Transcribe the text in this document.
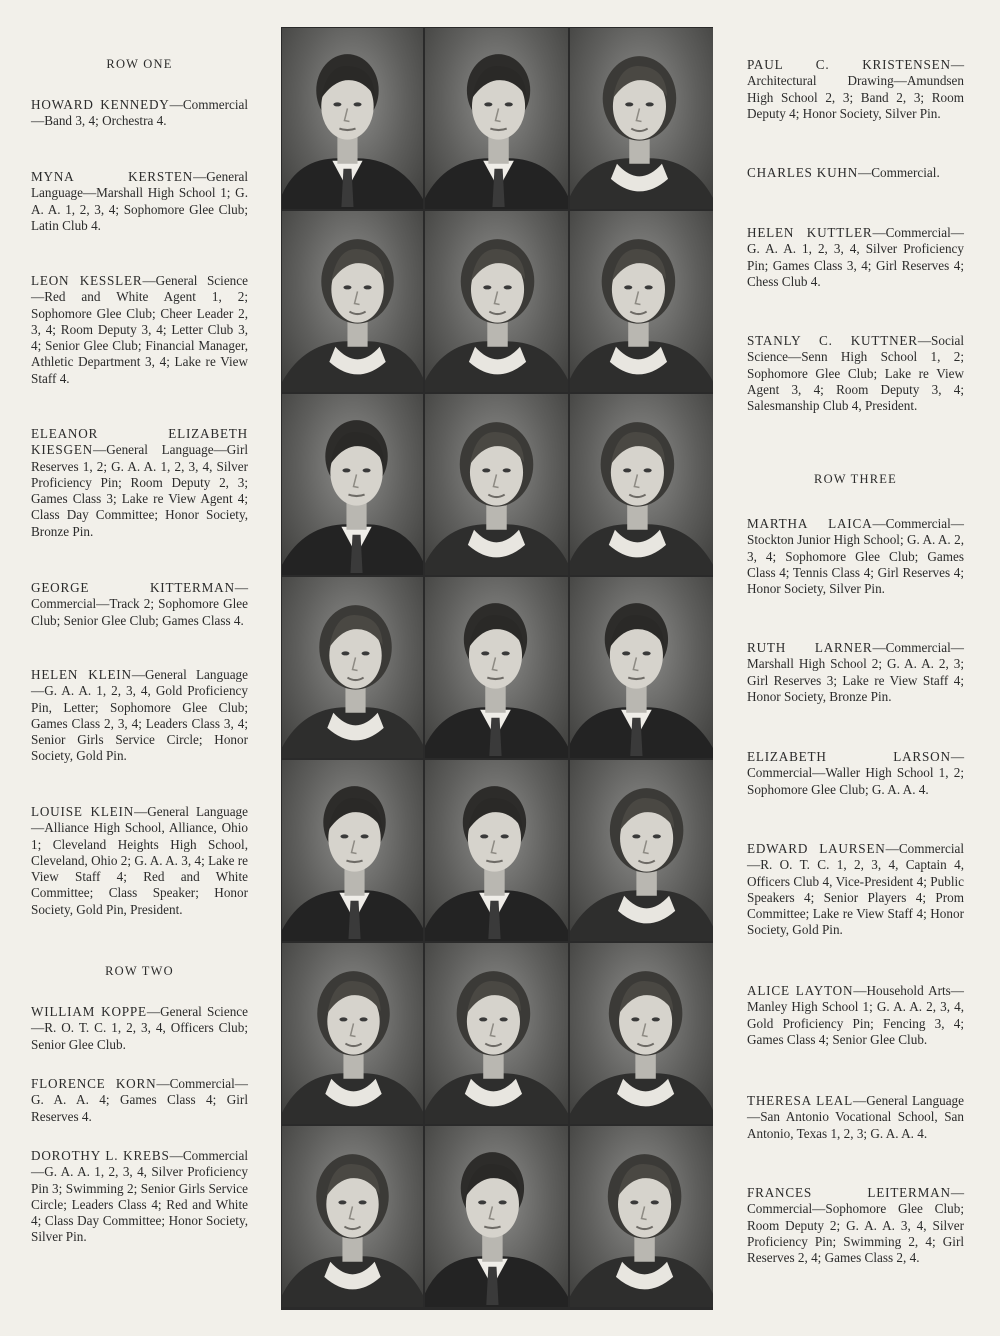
ROW ONE
HOWARD KENNEDY—Commercial—Band 3, 4; Orchestra 4.
MYNA KERSTEN—General Language—Marshall High School 1; G. A. A. 1, 2, 3, 4; Sophomore Glee Club; Latin Club 4.
LEON KESSLER—General Science—Red and White Agent 1, 2; Sophomore Glee Club; Cheer Leader 2, 3, 4; Room Deputy 3, 4; Letter Club 3, 4; Senior Glee Club; Financial Manager, Athletic Department 3, 4; Lake re View Staff 4.
ELEANOR ELIZABETH KIESGEN—General Language—Girl Reserves 1, 2; G. A. A. 1, 2, 3, 4, Silver Proficiency Pin; Room Deputy 2, 3; Games Class 3; Lake re View Agent 4; Class Day Committee; Honor Society, Bronze Pin.
GEORGE KITTERMAN—Commercial—Track 2; Sophomore Glee Club; Senior Glee Club; Games Class 4.
HELEN KLEIN—General Language—G. A. A. 1, 2, 3, 4, Gold Proficiency Pin, Letter; Sophomore Glee Club; Games Class 2, 3, 4; Leaders Class 3, 4; Senior Girls Service Circle; Honor Society, Gold Pin.
LOUISE KLEIN—General Language—Alliance High School, Alliance, Ohio 1; Cleveland Heights High School, Cleveland, Ohio 2; G. A. A. 3, 4; Lake re View Staff 4; Red and White Committee; Class Speaker; Honor Society, Gold Pin, President.
ROW TWO
WILLIAM KOPPE—General Science—R. O. T. C. 1, 2, 3, 4, Officers Club; Senior Glee Club.
FLORENCE KORN—Commercial—G. A. A. 4; Games Class 4; Girl Reserves 4.
DOROTHY L. KREBS—Commercial—G. A. A. 1, 2, 3, 4, Silver Proficiency Pin 3; Swimming 2; Senior Girls Service Circle; Leaders Class 4; Red and White 4; Class Day Committee; Honor Society, Silver Pin.
PAUL C. KRISTENSEN—Architectural Drawing—Amundsen High School 2, 3; Band 2, 3; Room Deputy 4; Honor Society, Silver Pin.
CHARLES KUHN—Commercial.
HELEN KUTTLER—Commercial—G. A. A. 1, 2, 3, 4, Silver Proficiency Pin; Games Class 3, 4; Girl Reserves 4; Chess Club 4.
STANLY C. KUTTNER—Social Science—Senn High School 1, 2; Sophomore Glee Club; Lake re View Agent 3, 4; Room Deputy 3, 4; Salesmanship Club 4, President.
ROW THREE
MARTHA LAICA—Commercial—Stockton Junior High School; G. A. A. 2, 3, 4; Sophomore Glee Club; Games Class 4; Tennis Class 4; Girl Reserves 4; Honor Society, Silver Pin.
RUTH LARNER—Commercial—Marshall High School 2; G. A. A. 2, 3; Girl Reserves 3; Lake re View Staff 4; Honor Society, Bronze Pin.
ELIZABETH LARSON—Commercial—Waller High School 1, 2; Sophomore Glee Club; G. A. A. 4.
EDWARD LAURSEN—Commercial—R. O. T. C. 1, 2, 3, 4, Captain 4, Officers Club 4, Vice-President 4; Public Speakers 4; Senior Players 4; Prom Committee; Lake re View Staff 4; Honor Society, Gold Pin.
ALICE LAYTON—Household Arts—Manley High School 1; G. A. A. 2, 3, 4, Gold Proficiency Pin; Fencing 3, 4; Games Class 4; Senior Glee Club.
THERESA LEAL—General Language—San Antonio Vocational School, San Antonio, Texas 1, 2, 3; G. A. A. 4.
FRANCES LEITERMAN—Commercial—Sophomore Glee Club; Room Deputy 2; G. A. A. 3, 4, Silver Proficiency Pin; Swimming 2, 4; Girl Reserves 2, 4; Games Class 2, 4.
